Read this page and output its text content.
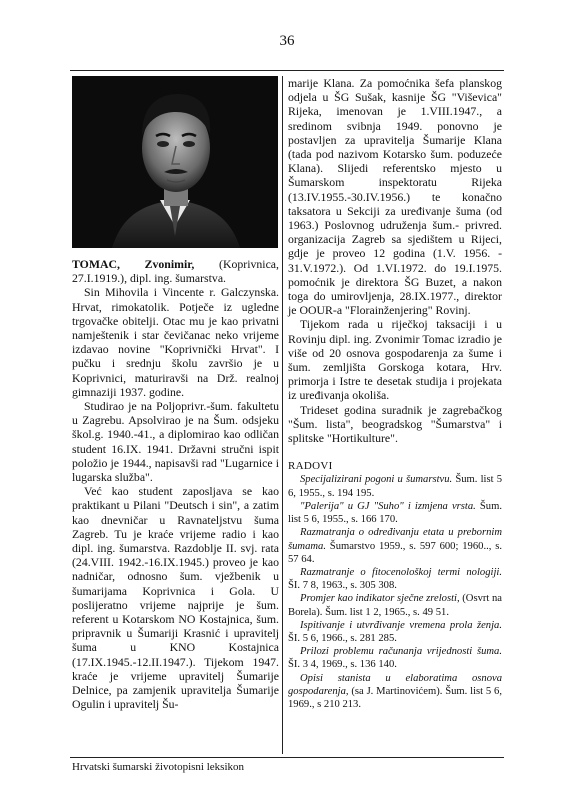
36

TOMAC, Zvonimir, (Koprivnica, 27.I.1919.), dipl. ing. šumarstva.

Sin Mihovila i Vincente r. Galczynska. Hrvat, rimokatolik. Potječe iz ugledne trgovačke obitelji. Otac mu je kao privatni namještenik i star čevičanac neko vrijeme izdavao novine "Koprivnički Hrvat". I pučku i srednju školu završio je u Koprivnici, maturiravši na Drž. realnoj gimnaziji 1937. godine.

Studirao je na Poljoprivr.-šum. fakultetu u Zagrebu. Apsolvirao je na Šum. odsjeku škol.g. 1940.-41., a diplomirao kao odličan student 16.IX. 1941. Državni stručni ispit položio je 1944., napisavši rad "Lugarnice i lugarska služba".

Već kao student zaposljava se kao praktikant u Pilani "Deutsch i sin", a zatim kao dnevničar u Ravnateljstvu šuma Zagreb. Tu je kraće vrijeme radio i kao dipl. ing. šumarstva. Razdoblje II. svj. rata (24.VIII. 1942.-16.IX.1945.) proveo je kao nadničar, odnosno šum. vježbenik u šumarijama Koprivnica i Gola. U poslijeratno vrijeme najprije je šum. referent u Kotarskom NO Kostajnica, šum. pripravnik u Šumariji Krasnić i upravitelj šuma u KNO Kostajnica (17.IX.1945.-12.II.1947.). Tijekom 1947. kraće je vrijeme upravitelj Šumarije Delnice, pa zamjenik upravitelja Šumarije Ogulin i upravitelj Šu-

marije Klana. Za pomoćnika šefa planskog odjela u ŠG Sušak, kasnije ŠG "Viševica" Rijeka, imenovan je 1.VIII.1947., a sredinom svibnja 1949. ponovno je postavljen za upravitelja Šumarije Klana (tada pod nazivom Kotarsko šum. poduzeće Klana). Slijedi referentsko mjesto u Šumarskom inspektoratu Rijeka (13.IV.1955.-30.IV.1956.) te konačno taksatora u Sekciji za uređivanje šuma (od 1963.) Poslovnog udruženja šum.- privred. organizacija Zagreb sa sjedištem u Rijeci, gdje je proveo 12 godina (1.V. 1956. - 31.V.1972.). Od 1.VI.1972. do 19.I.1975. pomoćnik je direktora ŠG Buzet, a nakon toga do umirovljenja, 28.IX.1977., direktor je OOUR-a "Florainženjering" Rovinj.

Tijekom rada u riječkoj taksaciji i u Rovinju dipl. ing. Zvonimir Tomac izradio je više od 20 osnova gospodarenja za šume i šum. zemljišta Gorskoga kotara, Hrv. primorja i Istre te desetak studija i projekata iz uređivanja okoliša.

Trideset godina suradnik je zagrebačkog "Šum. lista", beogradskog "Šumarstva" i splitske "Hortikulture".

RADOVI

Specijalizirani pogoni u šumarstvu. Šum. list 5 6, 1955., s. 194 195.

"Palerija" u GJ "Suho" i izmjena vrsta. Šum. list 5 6, 1955., s. 166 170.

Razmatranja o određivanju etata u prebornim šumama. Šumarstvo 1959., s. 597 600; 1960.., s. 57 64.

Razmatranje o fitocenološkoj termi nologiji. ŠI. 7 8, 1963., s. 305 308.

Promjer kao indikator sječne zrelosti, (Osvrt na Borela). Šum. list 1 2, 1965., s. 49 51.

Ispitivanje i utvrđivanje vremena prola ženja. ŠI. 5 6, 1966., s. 281 285.

Prilozi problemu računanja vrijednosti šuma. ŠI. 3 4, 1969., s. 136 140.

Opisi stanista u elaboratima osnova gospodarenja, (sa J. Martinovićem). Šum. list 5 6, 1969., s 210 213.

Hrvatski šumarski životopisni leksikon
